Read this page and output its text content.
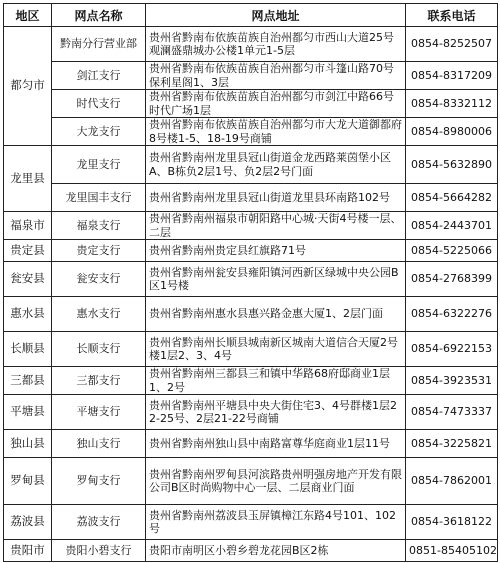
地区	网点名称	网点地址	联系电话
都匀市	黔南分行营业部	贵州省黔南布依族苗族自治州都匀市西山大道25号观澜盛鼎城办公楼1单元1-5层	0854-8252507
	剑江支行	贵州省黔南布依族苗族自治州都匀市斗篷山路70号保利星阁1、3层	0854-8317209
	时代支行	贵州省黔南布依族苗族自治州都匀市剑江中路66号时代广场1层	0854-8332112
	大龙支行	贵州省黔南布依族苗族自治州都匀市大龙大道御都府8号楼1-5、18-19号商铺	0854-8980006
龙里县	龙里支行	贵州省黔南州龙里县冠山街道金龙西路莱茵堡小区A、B栋负2层1号、负2层2号门面	0854-5632890
	龙里国丰支行	贵州省黔南州龙里县冠山街道龙里县环南路102号	0854-5664282
福泉市	福泉支行	贵州省黔南州福泉市朝阳路中心城·天街4号楼一层、二层	0854-2443701
贵定县	贵定支行	贵州省黔南州贵定县红旗路71号	0854-5225066
瓮安县	瓮安支行	贵州省黔南州瓮安县雍阳镇河西新区绿城中央公园B区1号楼	0854-2768399
惠水县	惠水支行	贵州省黔南州惠水县惠兴路金惠大厦1、2层门面	0854-6322276
长顺县	长顺支行	贵州省黔南州长顺县城南新区城南大道信合天厦2号楼1层2、3、4号	0854-6922153
三都县	三都支行	贵州省黔南州三都县三和镇中华路68府邸商业1层1、2号	0854-3923531
平塘县	平塘支行	贵州省黔南州平塘县中央大街住宅3、4号群楼1层22-25号、2层21-22号商铺	0854-7473337
独山县	独山支行	贵州省黔南州独山县中南路富尊华庭商业1层11号	0854-3225821
罗甸县	罗甸支行	贵州省黔南州罗甸县河滨路贵州明强房地产开发有限公司B区时尚购物中心一层、二层商业门面	0854-7862001
荔波县	荔波支行	贵州省黔南州荔波县玉屏镇樟江东路4号101、102号	0854-3618122
贵阳市	贵阳小碧支行	贵阳市南明区小碧乡碧龙花园B区2栋	0851-85405102
